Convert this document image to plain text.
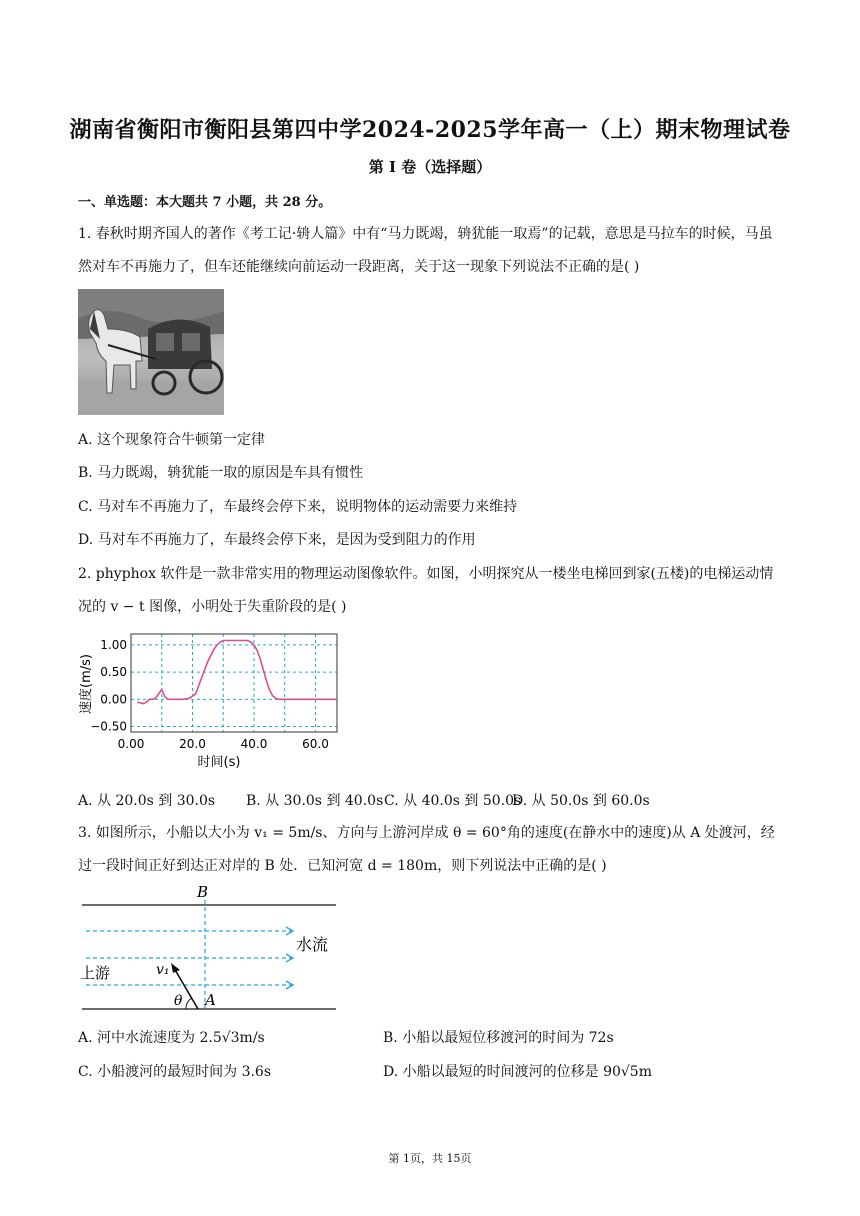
湖南省衡阳市衡阳县第四中学2024-2025学年高一（上）期末物理试卷
第 I 卷（选择题）
一、单选题：本大题共 7 小题，共 28 分。
1. 春秋时期齐国人的著作《考工记·辀人篇》中有“马力既竭，辀犹能一取焉”的记载，意思是马拉车的时候，马虽然对车不再施力了，但车还能继续向前运动一段距离，关于这一现象下列说法不正确的是( )
A. 这个现象符合牛顿第一定律
B. 马力既竭，辀犹能一取的原因是车具有惯性
C. 马对车不再施力了，车最终会停下来，说明物体的运动需要力来维持
D. 马对车不再施力了，车最终会停下来，是因为受到阻力的作用
2. phyphox 软件是一款非常实用的物理运动图像软件。如图，小明探究从一楼坐电梯回到家(五楼)的电梯运动情况的 v − t 图像，小明处于失重阶段的是( )
1.00
0.50
0.00
−0.50
0.00	20.0	40.0	60.0
速度(m/s)
时间(s)
A. 从 20.0s 到 30.0s B. 从 30.0s 到 40.0s C. 从 40.0s 到 50.0s
D. 从 50.0s 到 60.0s
3. 如图所示，小船以大小为 v₁ = 5m/s、方向与上游河岸成 θ = 60°角的速度(在静水中的速度)从 A 处渡河，经过一段时间正好到达正对岸的 B 处．已知河宽 d = 180m，则下列说法中正确的是( )
B
A
水流
上游	v₁
θ
A. 河中水流速度为 2.5√3m/s	B. 小船以最短位移渡河的时间为 72s
C. 小船渡河的最短时间为 3.6s	D. 小船以最短的时间渡河的位移是 90√5m
第 1页，共 15页
